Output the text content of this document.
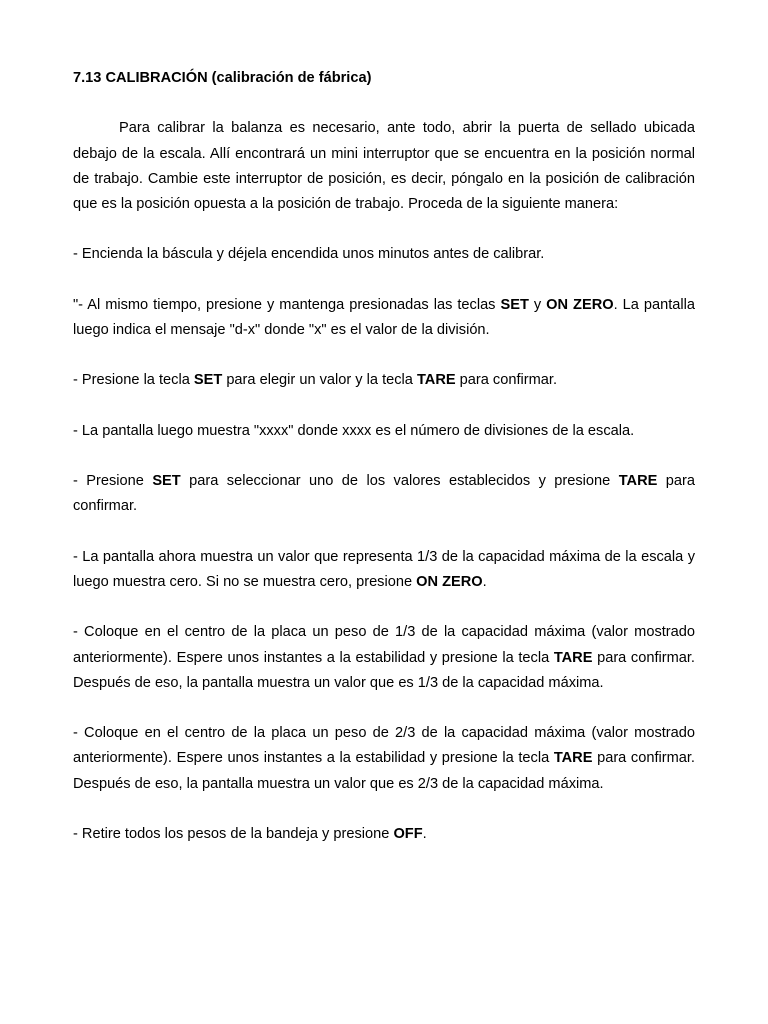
7.13 CALIBRACIÓN (calibración de fábrica)

Para calibrar la balanza es necesario, ante todo, abrir la puerta de sellado ubicada debajo de la escala. Allí encontrará un mini interruptor que se encuentra en la posición normal de trabajo. Cambie este interruptor de posición, es decir, póngalo en la posición de calibración que es la posición opuesta a la posición de trabajo. Proceda de la siguiente manera:

- Encienda la báscula y déjela encendida unos minutos antes de calibrar.

"- Al mismo tiempo, presione y mantenga presionadas las teclas SET y ON ZERO. La pantalla luego indica el mensaje "d-x" donde "x" es el valor de la división.

- Presione la tecla SET para elegir un valor y la tecla TARE para confirmar.

- La pantalla luego muestra "xxxx" donde xxxx es el número de divisiones de la escala.

- Presione SET para seleccionar uno de los valores establecidos y presione TARE para confirmar.

- La pantalla ahora muestra un valor que representa 1/3 de la capacidad máxima de la escala y luego muestra cero. Si no se muestra cero, presione ON ZERO.

- Coloque en el centro de la placa un peso de 1/3 de la capacidad máxima (valor mostrado anteriormente). Espere unos instantes a la estabilidad y presione la tecla TARE para confirmar. Después de eso, la pantalla muestra un valor que es 1/3 de la capacidad máxima.

- Coloque en el centro de la placa un peso de 2/3 de la capacidad máxima (valor mostrado anteriormente). Espere unos instantes a la estabilidad y presione la tecla TARE para confirmar. Después de eso, la pantalla muestra un valor que es 2/3 de la capacidad máxima.

- Retire todos los pesos de la bandeja y presione OFF.
